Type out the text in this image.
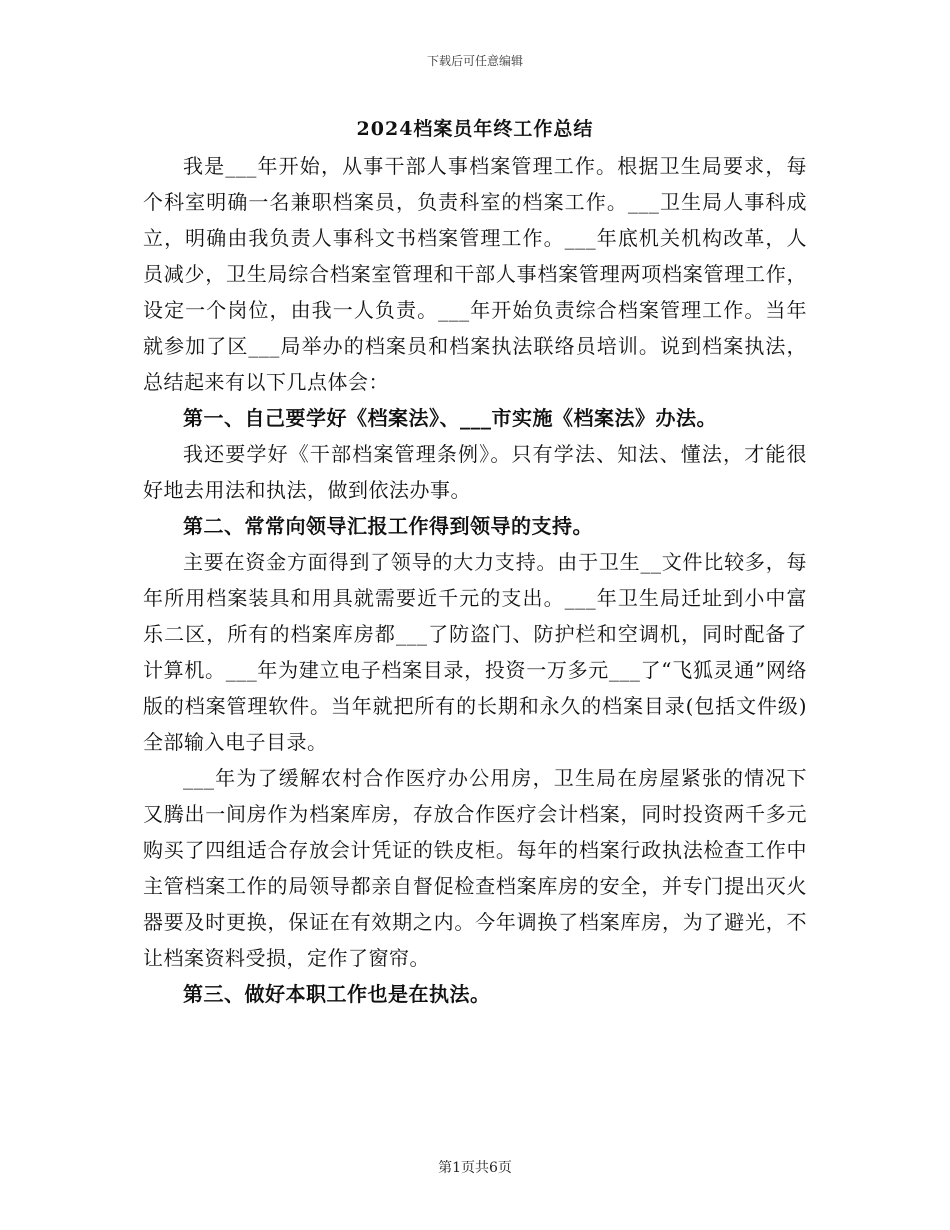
下载后可任意编辑
2024档案员年终工作总结

我是___年开始，从事干部人事档案管理工作。根据卫生局要求，每个科室明确一名兼职档案员，负责科室的档案工作。___卫生局人事科成立，明确由我负责人事科文书档案管理工作。___年底机关机构改革，人员减少，卫生局综合档案室管理和干部人事档案管理两项档案管理工作，设定一个岗位，由我一人负责。___年开始负责综合档案管理工作。当年就参加了区___局举办的档案员和档案执法联络员培训。说到档案执法，总结起来有以下几点体会：

第一、自己要学好《档案法》、___市实施《档案法》办法。

我还要学好《干部档案管理条例》。只有学法、知法、懂法，才能很好地去用法和执法，做到依法办事。

第二、常常向领导汇报工作得到领导的支持。

主要在资金方面得到了领导的大力支持。由于卫生__文件比较多，每年所用档案装具和用具就需要近千元的支出。___年卫生局迁址到小中富乐二区，所有的档案库房都___了防盗门、防护栏和空调机，同时配备了计算机。___年为建立电子档案目录，投资一万多元___了“飞狐灵通”网络版的档案管理软件。当年就把所有的长期和永久的档案目录(包括文件级)全部输入电子目录。

___年为了缓解农村合作医疗办公用房，卫生局在房屋紧张的情况下又腾出一间房作为档案库房，存放合作医疗会计档案，同时投资两千多元购买了四组适合存放会计凭证的铁皮柜。每年的档案行政执法检查工作中主管档案工作的局领导都亲自督促检查档案库房的安全，并专门提出灭火器要及时更换，保证在有效期之内。今年调换了档案库房，为了避光，不让档案资料受损，定作了窗帘。

第三、做好本职工作也是在执法。

第1页共6页
